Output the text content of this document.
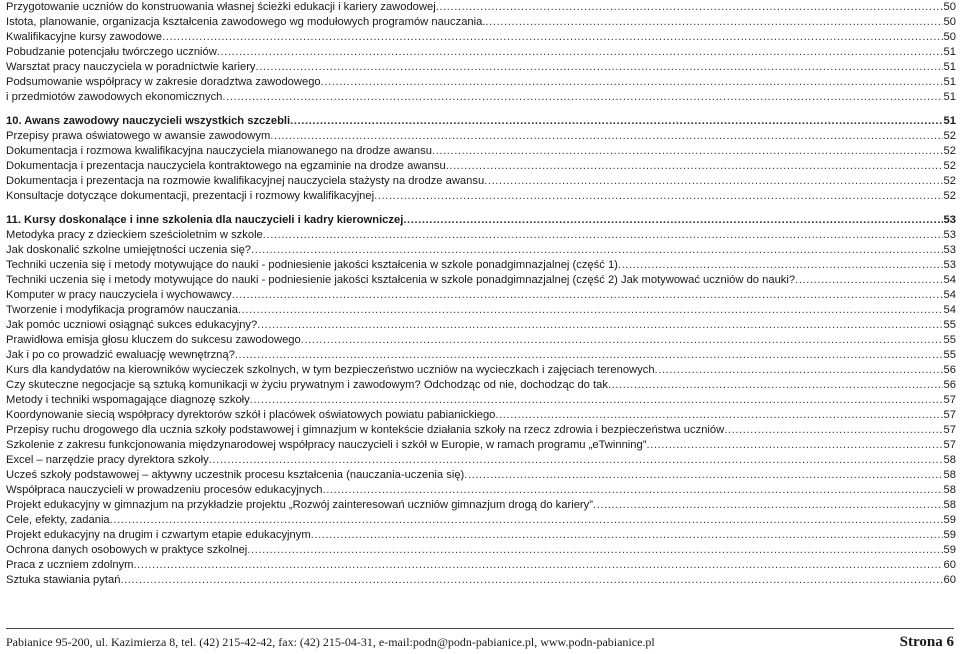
Przygotowanie uczniów do konstruowania własnej ścieżki edukacji i kariery zawodowej .....	50
Istota, planowanie, organizacja kształcenia zawodowego wg modułowych programów nauczania. .....	50
Kwalifikacyjne kursy zawodowe .....	50
Pobudzanie potencjału twórczego uczniów .....	51
Warsztat pracy nauczyciela w poradnictwie kariery .....	51
Podsumowanie współpracy w zakresie doradztwa zawodowego .....	51
i przedmiotów zawodowych ekonomicznych .....	51
10. Awans zawodowy nauczycieli wszystkich szczebli .....	51
Przepisy prawa oświatowego w awansie zawodowym .....	52
Dokumentacja i rozmowa kwalifikacyjna nauczyciela mianowanego na drodze awansu .....	52
Dokumentacja i prezentacja nauczyciela kontraktowego na egzaminie na drodze awansu .....	52
Dokumentacja i prezentacja na rozmowie kwalifikacyjnej nauczyciela stażysty na drodze awansu .....	52
Konsultacje dotyczące dokumentacji, prezentacji i rozmowy kwalifikacyjnej .....	52
11. Kursy doskonalące i inne szkolenia dla nauczycieli i kadry kierowniczej .....	53
Metodyka pracy z dzieckiem sześcioletnim w szkole .....	53
Jak doskonalić szkolne umiejętności uczenia się? .....	53
Techniki uczenia się i metody motywujące do nauki - podniesienie jakości kształcenia w szkole ponadgimnazjalnej (część 1) .....	53
Techniki uczenia się i metody motywujące do nauki - podniesienie jakości kształcenia w szkole ponadgimnazjalnej (część 2) Jak motywować uczniów do nauki? .....	54
Komputer w pracy nauczyciela i wychowawcy .....	54
Tworzenie i modyfikacja programów nauczania .....	54
Jak pomóc uczniowi osiągnąć sukces edukacyjny? .....	55
Prawidłowa emisja głosu kluczem do sukcesu zawodowego .....	55
Jak i po co prowadzić ewaluację wewnętrzną? .....	55
Kurs dla kandydatów na kierowników wycieczek szkolnych, w tym bezpieczeństwo uczniów na wycieczkach i zajęciach terenowych .....	56
Czy skuteczne negocjacje są sztuką komunikacji w życiu prywatnym i zawodowym? Odchodząc od nie, dochodząc do tak .....	56
Metody i techniki wspomagające diagnozę szkoły .....	57
Koordynowanie siecią współpracy dyrektorów szkół i placówek oświatowych powiatu pabianickiego .....	57
Przepisy ruchu drogowego dla ucznia szkoły podstawowej i gimnazjum w kontekście działania szkoły na rzecz zdrowia i bezpieczeństwa uczniów .....	57
Szkolenie z zakresu funkcjonowania międzynarodowej współpracy nauczycieli i szkół w Europie, w ramach programu „eTwinning” .....	57
Excel – narzędzie pracy dyrektora szkoły .....	58
Ucześ szkoły podstawowej – aktywny uczestnik procesu kształcenia (nauczania-uczenia się) .....	58
Współpraca nauczycieli w prowadzeniu procesów edukacyjnych .....	58
Projekt edukacyjny w gimnazjum na przykładzie projektu „Rozwój zainteresowań uczniów gimnazjum drogą do kariery” .....	58
Cele, efekty, zadania .....	59
Projekt edukacyjny na drugim i czwartym etapie edukacyjnym .....	59
Ochrona danych osobowych w praktyce szkolnej .....	59
Praca z uczniem zdolnym .....	60
Sztuka stawiania pytań .....	60
Pabianice 95-200, ul. Kazimierza 8, tel. (42) 215-42-42, fax: (42) 215-04-31, e-mail:podn@podn-pabianice.pl, www.podn-pabianice.pl	Strona 6
